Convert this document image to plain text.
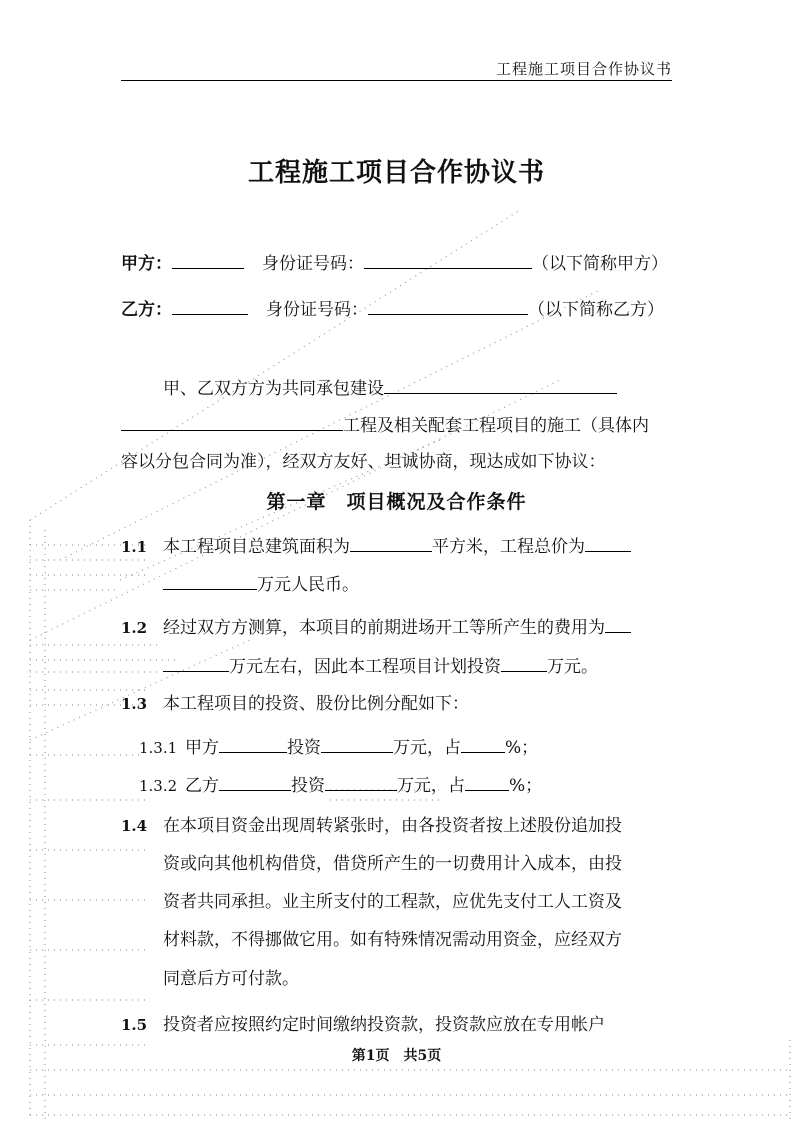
工程施工项目合作协议书
工程施工项目合作协议书
甲方：	身份证号码：	（以下简称甲方）
乙方：	身份证号码：	（以下简称乙方）
甲、乙双方方为共同承包建设
工程及相关配套工程项目的施工（具体内
容以分包合同为准），经双方友好、坦诚协商，现达成如下协议：
第一章　项目概况及合作条件
1.1 本工程项目总建筑面积为	平方米，工程总价为
万元人民币。
1.2 经过双方方测算，本项目的前期进场开工等所产生的费用为
万元左右，因此本工程项目计划投资	万元。
1.3 本工程项目的投资、股份比例分配如下：
1.3.1 甲方	投资	万元，占	%；
1.3.2 乙方	投资	万元，占	%；
1.4 在本项目资金出现周转紧张时，由各投资者按上述股份追加投
资或向其他机构借贷，借贷所产生的一切费用计入成本，由投
资者共同承担。业主所支付的工程款，应优先支付工人工资及
材料款，不得挪做它用。如有特殊情况需动用资金，应经双方
同意后方可付款。
1.5 投资者应按照约定时间缴纳投资款，投资款应放在专用帐户
第1页　共5页
